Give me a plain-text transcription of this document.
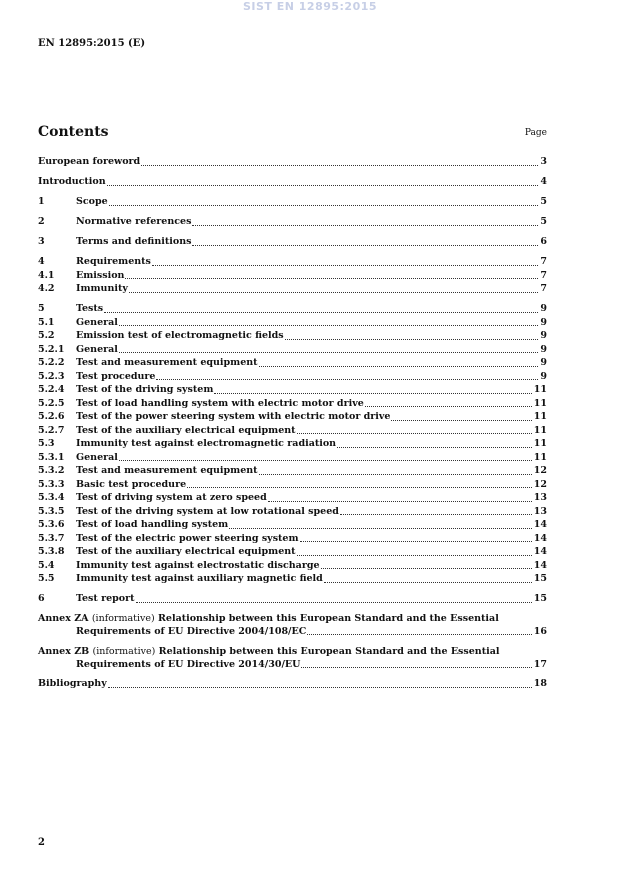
SIST EN 12895:2015
EN 12895:2015 (E)
Contents	Page
European foreword	3
Introduction	4
1	Scope	5
2	Normative references	5
3	Terms and definitions	6
4	Requirements	7
4.1	Emission	7
4.2	Immunity	7
5	Tests	9
5.1	General	9
5.2	Emission test of electromagnetic fields	9
5.2.1	General	9
5.2.2	Test and measurement equipment	9
5.2.3	Test procedure	9
5.2.4	Test of the driving system	11
5.2.5	Test of load handling system with electric motor drive	11
5.2.6	Test of the power steering system with electric motor drive	11
5.2.7	Test of the auxiliary electrical equipment	11
5.3	Immunity test against electromagnetic radiation	11
5.3.1	General	11
5.3.2	Test and measurement equipment	12
5.3.3	Basic test procedure	12
5.3.4	Test of driving system at zero speed	13
5.3.5	Test of the driving system at low rotational speed	13
5.3.6	Test of load handling system	14
5.3.7	Test of the electric power steering system	14
5.3.8	Test of the auxiliary electrical equipment	14
5.4	Immunity test against electrostatic discharge	14
5.5	Immunity test against auxiliary magnetic field	15
6	Test report	15
Annex ZA (informative) Relationship between this European Standard and the Essential
Requirements of EU Directive 2004/108/EC	16
Annex ZB (informative) Relationship between this European Standard and the Essential
Requirements of EU Directive 2014/30/EU	17
Bibliography	18
2
